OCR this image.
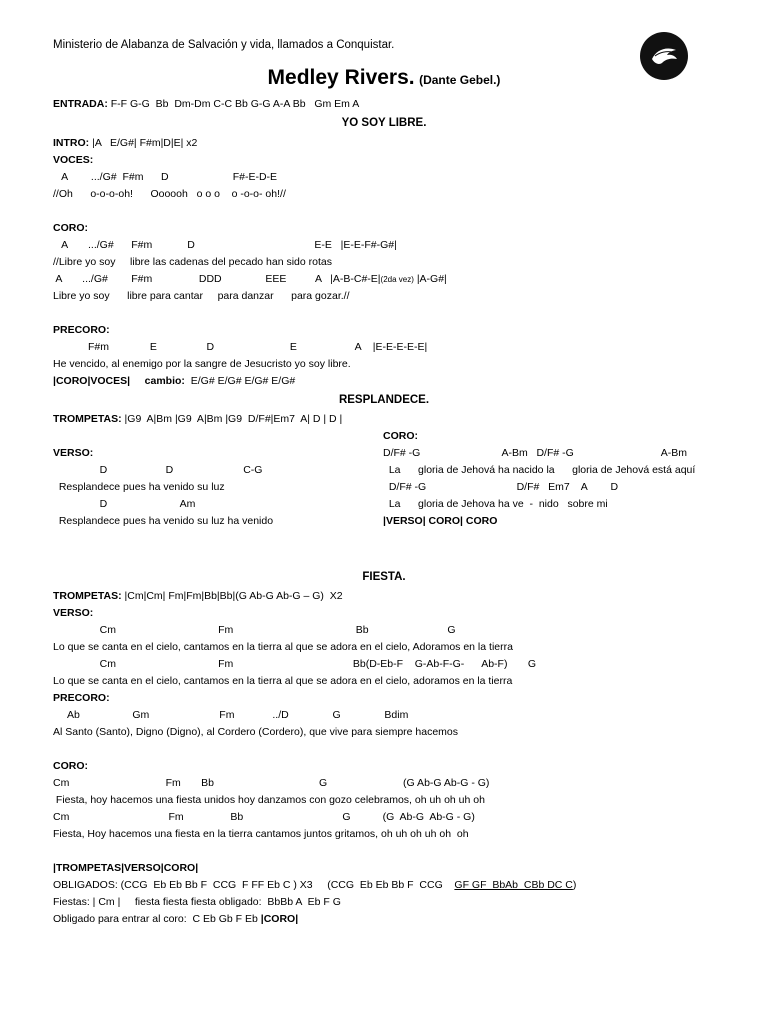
Ministerio de Alabanza de Salvación y vida, llamados a Conquistar.
Medley Rivers. (Dante Gebel.)
ENTRADA: F-F G-G  Bb  Dm-Dm C-C Bb G-G A-A Bb   Gm Em A
YO SOY LIBRE.
INTRO: |A   E/G#| F#m|D|E| x2
VOCES:
A        .../G#  F#m      D                      F#-E-D-E
//Oh      o-o-o-oh!      Oooooh   o o o    o -o-o- oh!//
CORO:
A       .../G#      F#m            D                                         E-E   |E-E-F#-G#|
//Libre yo soy     libre las cadenas del pecado han sido rotas
A       .../G#        F#m                DDD               EEE          A   |A-B-C#-E|(2da vez) |A-G#|
Libre yo soy      libre para cantar     para danzar      para gozar.//
PRECORO:
F#m              E                 D                          E                    A    |E-E-E-E-E|
He vencido, al enemigo por la sangre de Jesucristo yo soy libre.
|CORO|VOCES|     cambio:  E/G# E/G# E/G# E/G#
RESPLANDECE.
TROMPETAS: |G9  A|Bm |G9  A|Bm |G9  D/F#|Em7  A| D | D |
VERSO:
D                    D                        C-G
Resplandece pues ha venido su luz
D                         Am
Resplandece pues ha venido su luz ha venido
CORO:
D/F# -G                            A-Bm   D/F# -G                              A-Bm
La      gloria de Jehová ha nacido la      gloria de Jehová está aquí
D/F# -G                               D/F#   Em7    A        D
La      gloria de Jehova ha ve  -  nido   sobre mi
|VERSO| CORO| CORO
FIESTA.
TROMPETAS: |Cm|Cm| Fm|Fm|Bb|Bb|(G Ab-G Ab-G – G)  X2
VERSO:
Cm                                   Fm                                          Bb                           G
Lo que se canta en el cielo, cantamos en la tierra al que se adora en el cielo, Adoramos en la tierra
Cm                                   Fm                                         Bb(D-Eb-F    G-Ab-F-G-      Ab-F)       G
Lo que se canta en el cielo, cantamos en la tierra al que se adora en el cielo, adoramos en la tierra
PRECORO:
Ab                  Gm                        Fm             ../D               G               Bdim
Al Santo (Santo), Digno (Digno), al Cordero (Cordero), que vive para siempre hacemos
CORO:
Cm                                 Fm       Bb                                    G                          (G Ab-G Ab-G - G)
Fiesta, hoy hacemos una fiesta unidos hoy danzamos con gozo celebramos, oh uh oh uh oh
Cm                                  Fm                Bb                                  G           (G  Ab-G  Ab-G - G)
Fiesta, Hoy hacemos una fiesta en la tierra cantamos juntos gritamos, oh uh oh uh oh  oh
|TROMPETAS|VERSO|CORO|
OBLIGADOS: (CCG  Eb Eb Bb F  CCG  F FF Eb C ) X3     (CCG  Eb Eb Bb F  CCG    GF GF  BbAb  CBb DC C)
Fiestas: | Cm |     fiesta fiesta fiesta obligado:  BbBb A  Eb F G
Obligado para entrar al coro:  C Eb Gb F Eb |CORO|
